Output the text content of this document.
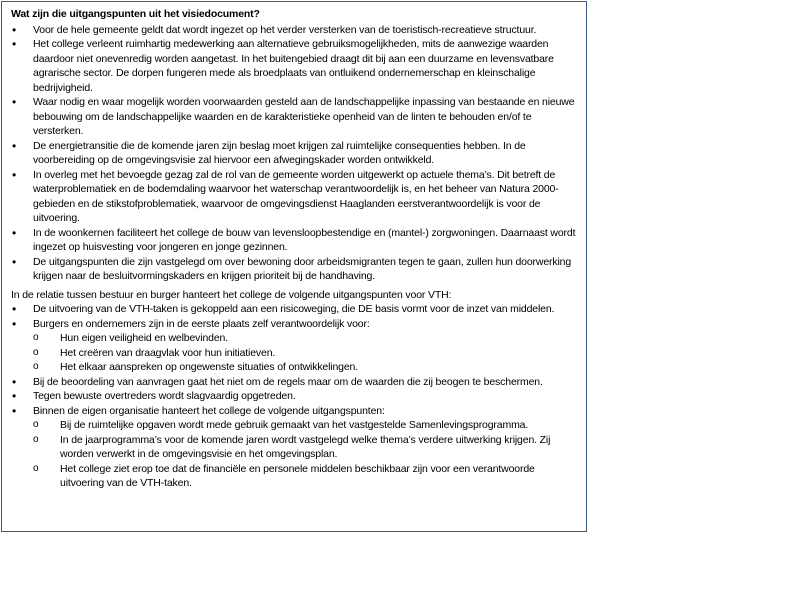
Wat zijn die uitgangspunten uit het visiedocument?
• Voor de hele gemeente geldt dat wordt ingezet op het verder versterken van de toeristisch-recreatieve structuur.
• Het college verleent ruimhartig medewerking aan alternatieve gebruiksmogelijkheden, mits de aanwezige waarden daardoor niet onevenredig worden aangetast. In het buitengebied draagt dit bij aan een duurzame en levensvatbare agrarische sector. De dorpen fungeren mede als broedplaats van ontluikend ondernemerschap en kleinschalige bedrijvigheid.
• Waar nodig en waar mogelijk worden voorwaarden gesteld aan de landschappelijke inpassing van bestaande en nieuwe bebouwing om de landschappelijke waarden en de karakteristieke openheid van de linten te behouden en/of te versterken.
• De energietransitie die de komende jaren zijn beslag moet krijgen zal ruimtelijke consequenties hebben. In de voorbereiding op de omgevingsvisie zal hiervoor een afwegingskader worden ontwikkeld.
• In overleg met het bevoegde gezag zal de rol van de gemeente worden uitgewerkt op actuele thema’s. Dit betreft de waterproblematiek en de bodemdaling waarvoor het waterschap verantwoordelijk is, en het beheer van Natura 2000-gebieden en de stikstofproblematiek, waarvoor de omgevingsdienst Haaglanden eerstverantwoordelijk is voor de uitvoering.
• In de woonkernen faciliteert het college de bouw van levensloopbestendige en (mantel-) zorgwoningen. Daarnaast wordt ingezet op huisvesting voor jongeren en jonge gezinnen.
• De uitgangspunten die zijn vastgelegd om over bewoning door arbeidsmigranten tegen te gaan, zullen hun doorwerking krijgen naar de besluitvormingskaders en krijgen prioriteit bij de handhaving.
In de relatie tussen bestuur en burger hanteert het college de volgende uitgangspunten voor VTH:
• De uitvoering van de VTH-taken is gekoppeld aan een risicoweging, die DE basis vormt voor de inzet van middelen.
• Burgers en ondernemers zijn in de eerste plaats zelf verantwoordelijk voor:
o Hun eigen veiligheid en welbevinden.
o Het creëren van draagvlak voor hun initiatieven.
o Het elkaar aanspreken op ongewenste situaties of ontwikkelingen.
• Bij de beoordeling van aanvragen gaat het niet om de regels maar om de waarden die zij beogen te beschermen.
• Tegen bewuste overtreders wordt slagvaardig opgetreden.
• Binnen de eigen organisatie hanteert het college de volgende uitgangspunten:
o Bij de ruimtelijke opgaven wordt mede gebruik gemaakt van het vastgestelde Samenlevingsprogramma.
o In de jaarprogramma’s voor de komende jaren wordt vastgelegd welke thema’s verdere uitwerking krijgen. Zij worden verwerkt in de omgevingsvisie en het omgevingsplan.
o Het college ziet erop toe dat de financiële en personele middelen beschikbaar zijn voor een verantwoorde uitvoering van de VTH-taken.
